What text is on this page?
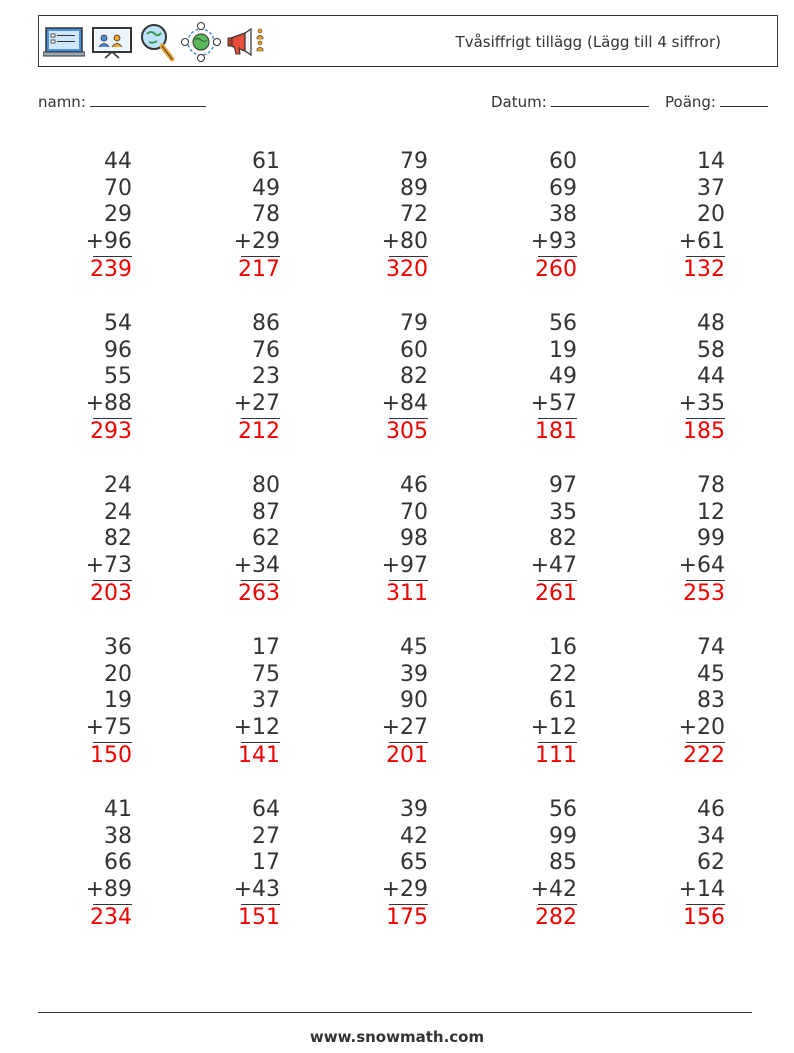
Tvåsiffrigt tillägg (Lägg till 4 siffror)
namn:	Datum:	Poäng:
44
70
29
+96
239
61
49
78
+29
217
79
89
72
+80
320
60
69
38
+93
260
14
37
20
+61
132
54
96
55
+88
293
86
76
23
+27
212
79
60
82
+84
305
56
19
49
+57
181
48
58
44
+35
185
24
24
82
+73
203
80
87
62
+34
263
46
70
98
+97
311
97
35
82
+47
261
78
12
99
+64
253
36
20
19
+75
150
17
75
37
+12
141
45
39
90
+27
201
16
22
61
+12
111
74
45
83
+20
222
41
38
66
+89
234
64
27
17
+43
151
39
42
65
+29
175
56
99
85
+42
282
46
34
62
+14
156
www.snowmath.com
